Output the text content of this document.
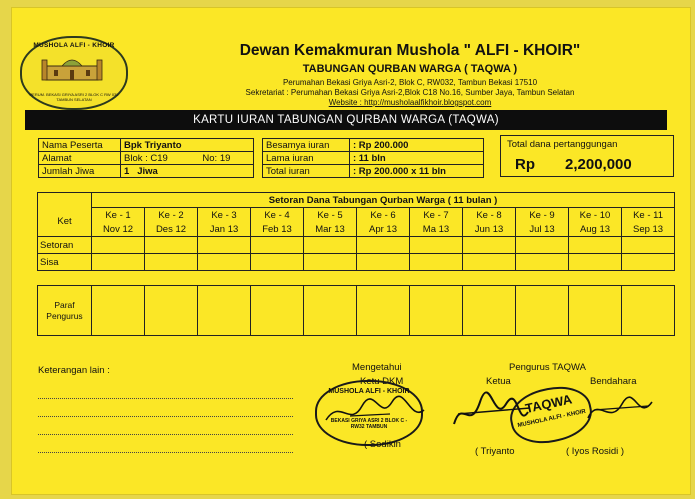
MUSHOLA ALFI - KHOIR
PERUM. BEKASI GRIYA ASRI 2 BLOK C RW 032 TAMBUN SELATAN
Dewan Kemakmuran Mushola " ALFI - KHOIR"
TABUNGAN QURBAN WARGA ( TAQWA )
Perumahan Bekasi Griya Asri-2, Blok C, RW032, Tambun Bekasi 17510
Sekretariat : Perumahan Bekasi Griya Asri-2,Blok C18 No.16, Sumber Jaya, Tambun Selatan
Website : http://musholaalfikhoir.blogspot.com
KARTU IURAN TABUNGAN QURBAN WARGA (TAQWA)
Nama Peserta	Bpk Triyanto	
Alamat	Blok : C19	No: 19
Jumlah Jiwa	1 Jiwa	
Besamya iuran	: Rp 200.000
Lama iuran	: 11 bln
Total iuran	: Rp 200.000 x 11 bln
Total dana pertanggungan
Rp 2,200,000
	Setoran Dana Tabungan Qurban Warga ( 11 bulan )										
Ket	Ke - 1	Ke - 2	Ke - 3	Ke - 4	Ke - 5	Ke - 6	Ke - 7	Ke - 8	Ke - 9	Ke - 10	Ke - 11
	Nov 12	Des 12	Jan 13	Feb 13	Mar 13	Apr 13	Ma 13	Jun 13	Jul 13	Aug 13	Sep 13
Setoran											
Sisa											

Paraf
Pengurus											

Keterangan lain :	Mengetahui
Ketu DKM
MUSHOLA ALFI - KHOIR
BEKASI GRIYA ASRI 2 BLOK C - RW32 TAMBUN
( Sodikin
Pengurus TAQWA
Ketua	Bendahara
TAQWA
MUSHOLA ALFI - KHOIR
( Triyanto	( Iyos Rosidi )
